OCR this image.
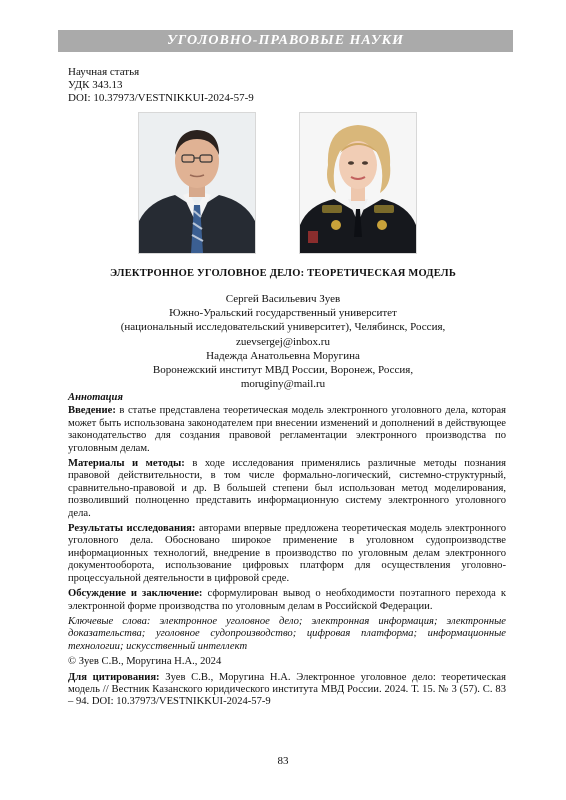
УГОЛОВНО-ПРАВОВЫЕ НАУКИ
Научная статья
УДК 343.13
DOI: 10.37973/VESTNIKKUI-2024-57-9
ЭЛЕКТРОННОЕ УГОЛОВНОЕ ДЕЛО: ТЕОРЕТИЧЕСКАЯ МОДЕЛЬ
Сергей Васильевич Зуев
Южно-Уральский государственный университет
(национальный исследовательский университет), Челябинск, Россия,
zuevsergej@inbox.ru
Надежда Анатольевна Моругина
Воронежский институт МВД России, Воронеж, Россия,
moruginy@mail.ru
Аннотация

Введение: в статье представлена теоретическая модель электронного уголовного дела, которая может быть использована законодателем при внесении изменений и дополнений в действующее законодательство для создания правовой регламентации электронного производства по уголовным делам.

Материалы и методы: в ходе исследования применялись различные методы познания правовой действительности, в том числе формально-логический, системно-структурный, сравнительно-правовой и др. В большей степени был использован метод моделирования, позволивший полноценно представить информационную систему электронного уголовного дела.

Результаты исследования: авторами впервые предложена теоретическая модель электронного уголовного дела. Обосновано широкое применение в уголовном судопроизводстве информационных технологий, внедрение в производство по уголовным делам электронного документооборота, использование цифровых платформ для осуществления уголовно-процессуальной деятельности в цифровой среде.

Обсуждение и заключение: сформулирован вывод о необходимости поэтапного перехода к электронной форме производства по уголовным делам в Российской Федерации.

Ключевые слова: электронное уголовное дело; электронная информация; электронные доказательства; уголовное судопроизводство; цифровая платформа; информационные технологии; искусственный интеллект

© Зуев С.В., Моругина Н.А., 2024

Для цитирования: Зуев С.В., Моругина Н.А. Электронное уголовное дело: теоретическая модель // Вестник Казанского юридического института МВД России. 2024. Т. 15. № 3 (57). С. 83 – 94. DOI: 10.37973/VESTNIKKUI-2024-57-9

83
